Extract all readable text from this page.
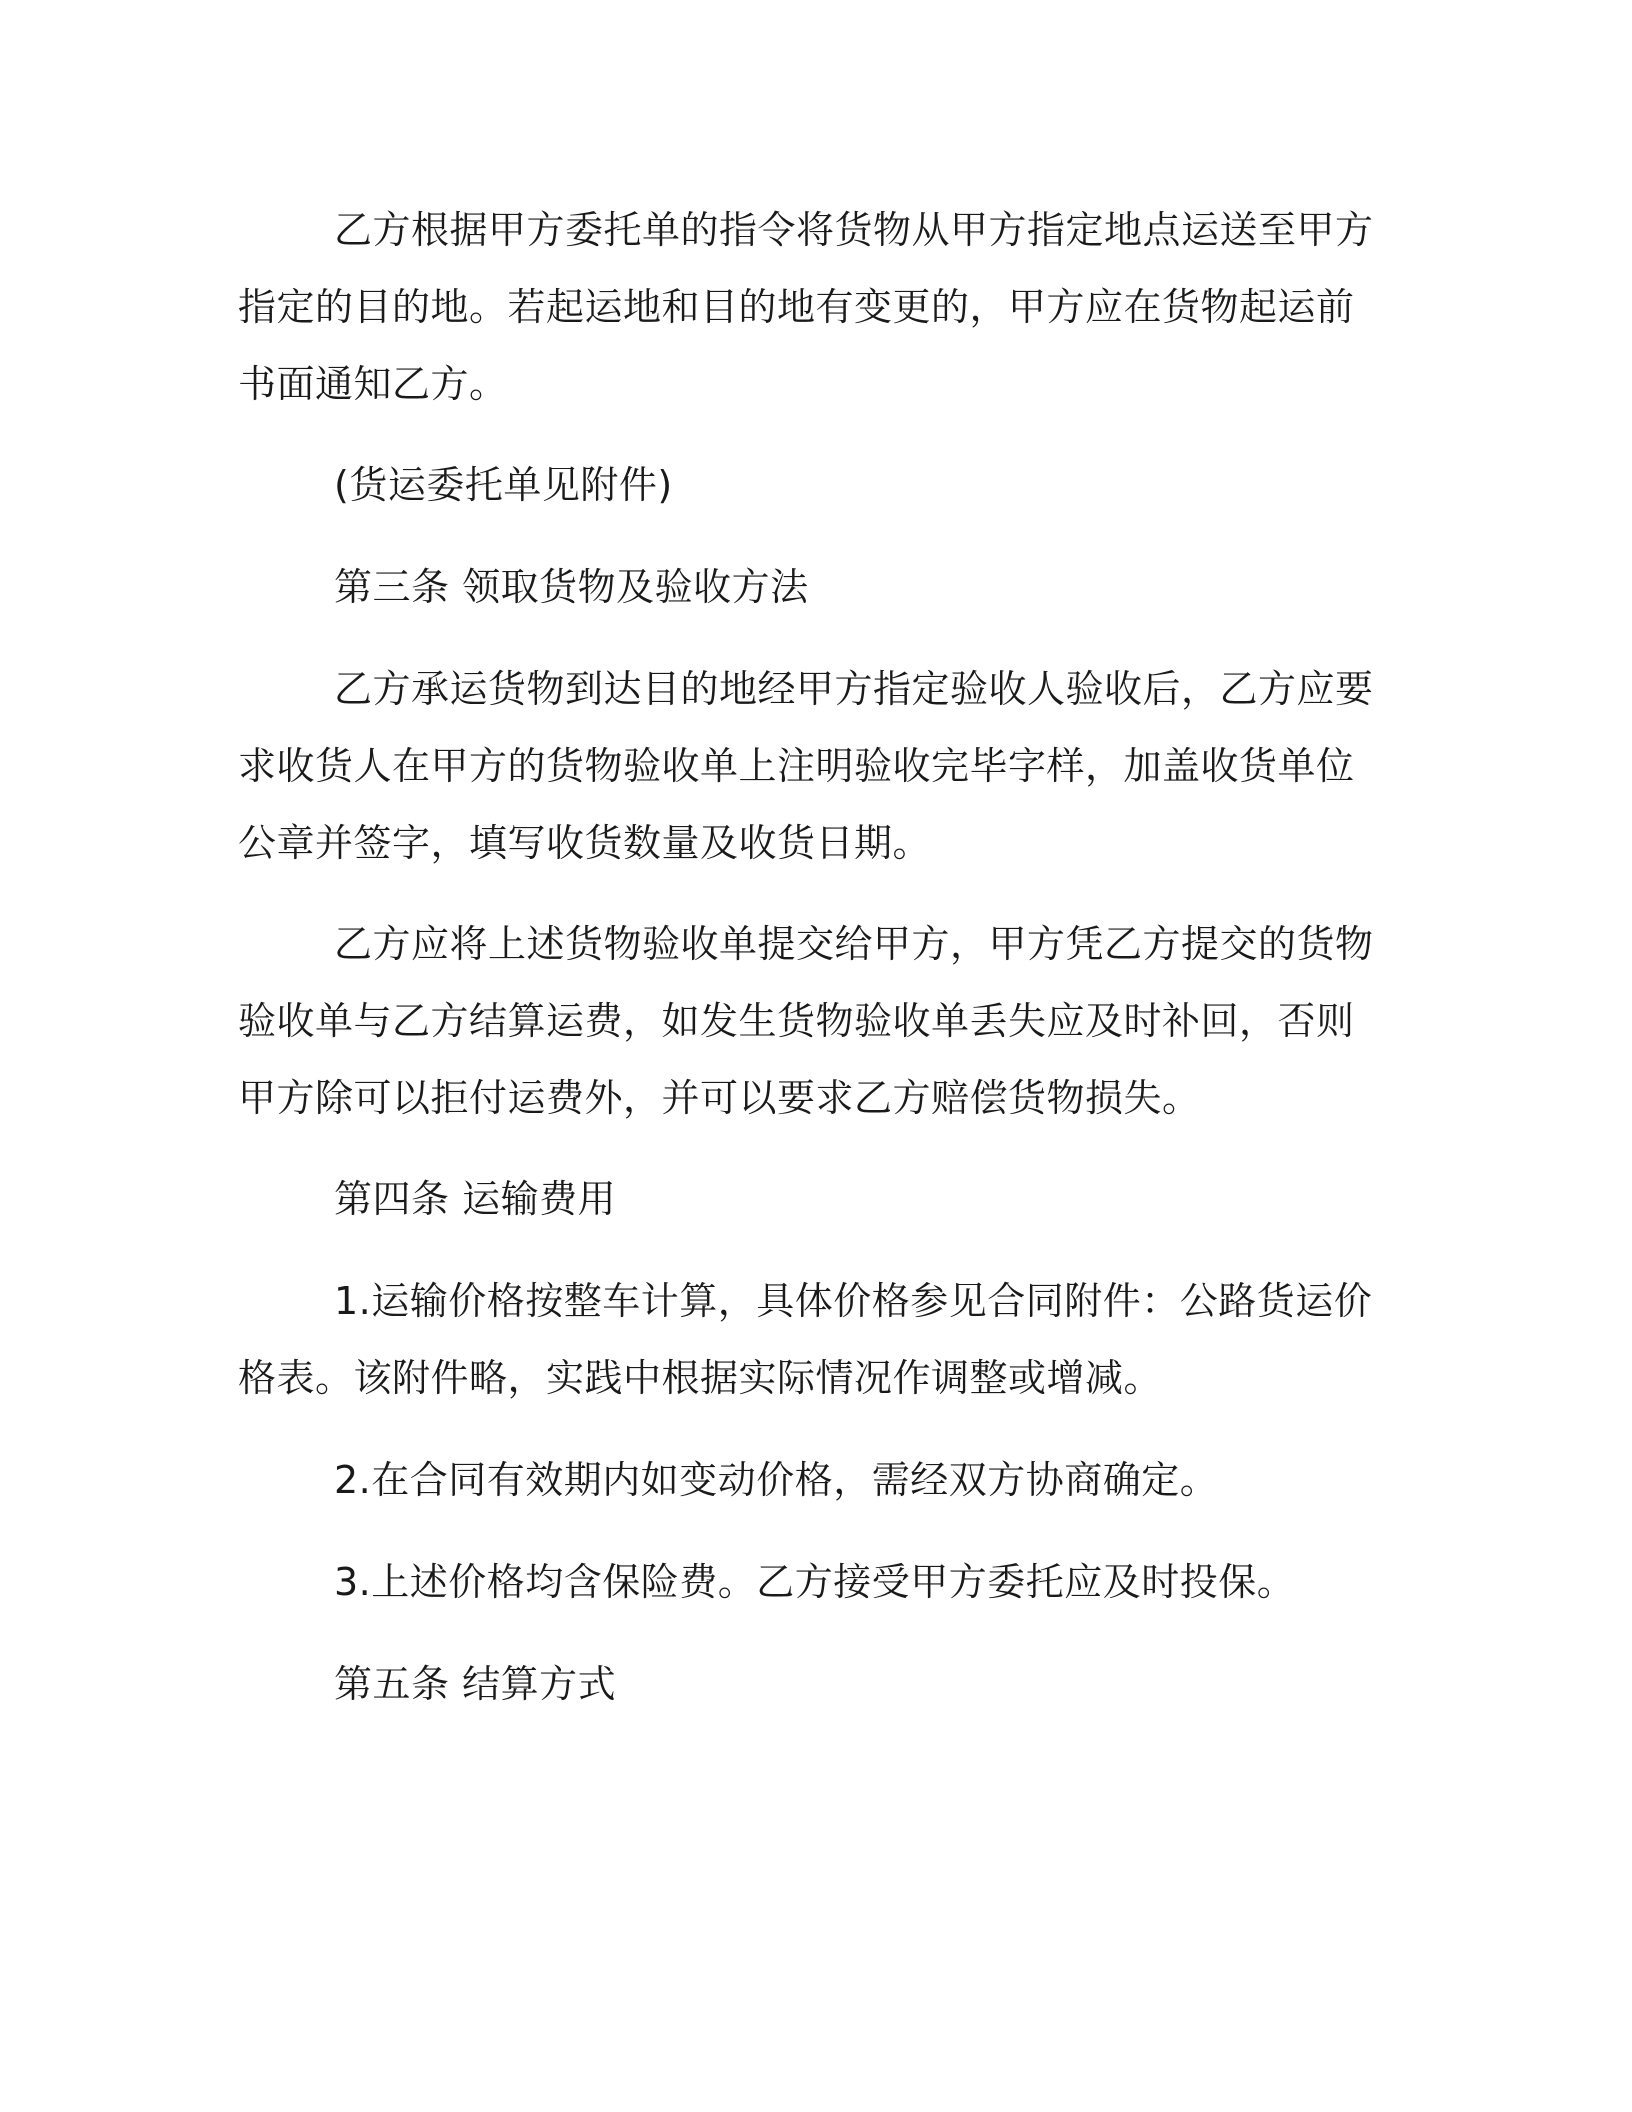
乙方根据甲方委托单的指令将货物从甲方指定地点运送至甲方指定的目的地。若起运地和目的地有变更的，甲方应在货物起运前书面通知乙方。

(货运委托单见附件)

第三条 领取货物及验收方法

乙方承运货物到达目的地经甲方指定验收人验收后，乙方应要求收货人在甲方的货物验收单上注明验收完毕字样，加盖收货单位公章并签字，填写收货数量及收货日期。

乙方应将上述货物验收单提交给甲方，甲方凭乙方提交的货物验收单与乙方结算运费，如发生货物验收单丢失应及时补回，否则甲方除可以拒付运费外，并可以要求乙方赔偿货物损失。

第四条 运输费用

1.运输价格按整车计算，具体价格参见合同附件：公路货运价格表。该附件略，实践中根据实际情况作调整或增减。

2.在合同有效期内如变动价格，需经双方协商确定。

3.上述价格均含保险费。乙方接受甲方委托应及时投保。

第五条 结算方式
